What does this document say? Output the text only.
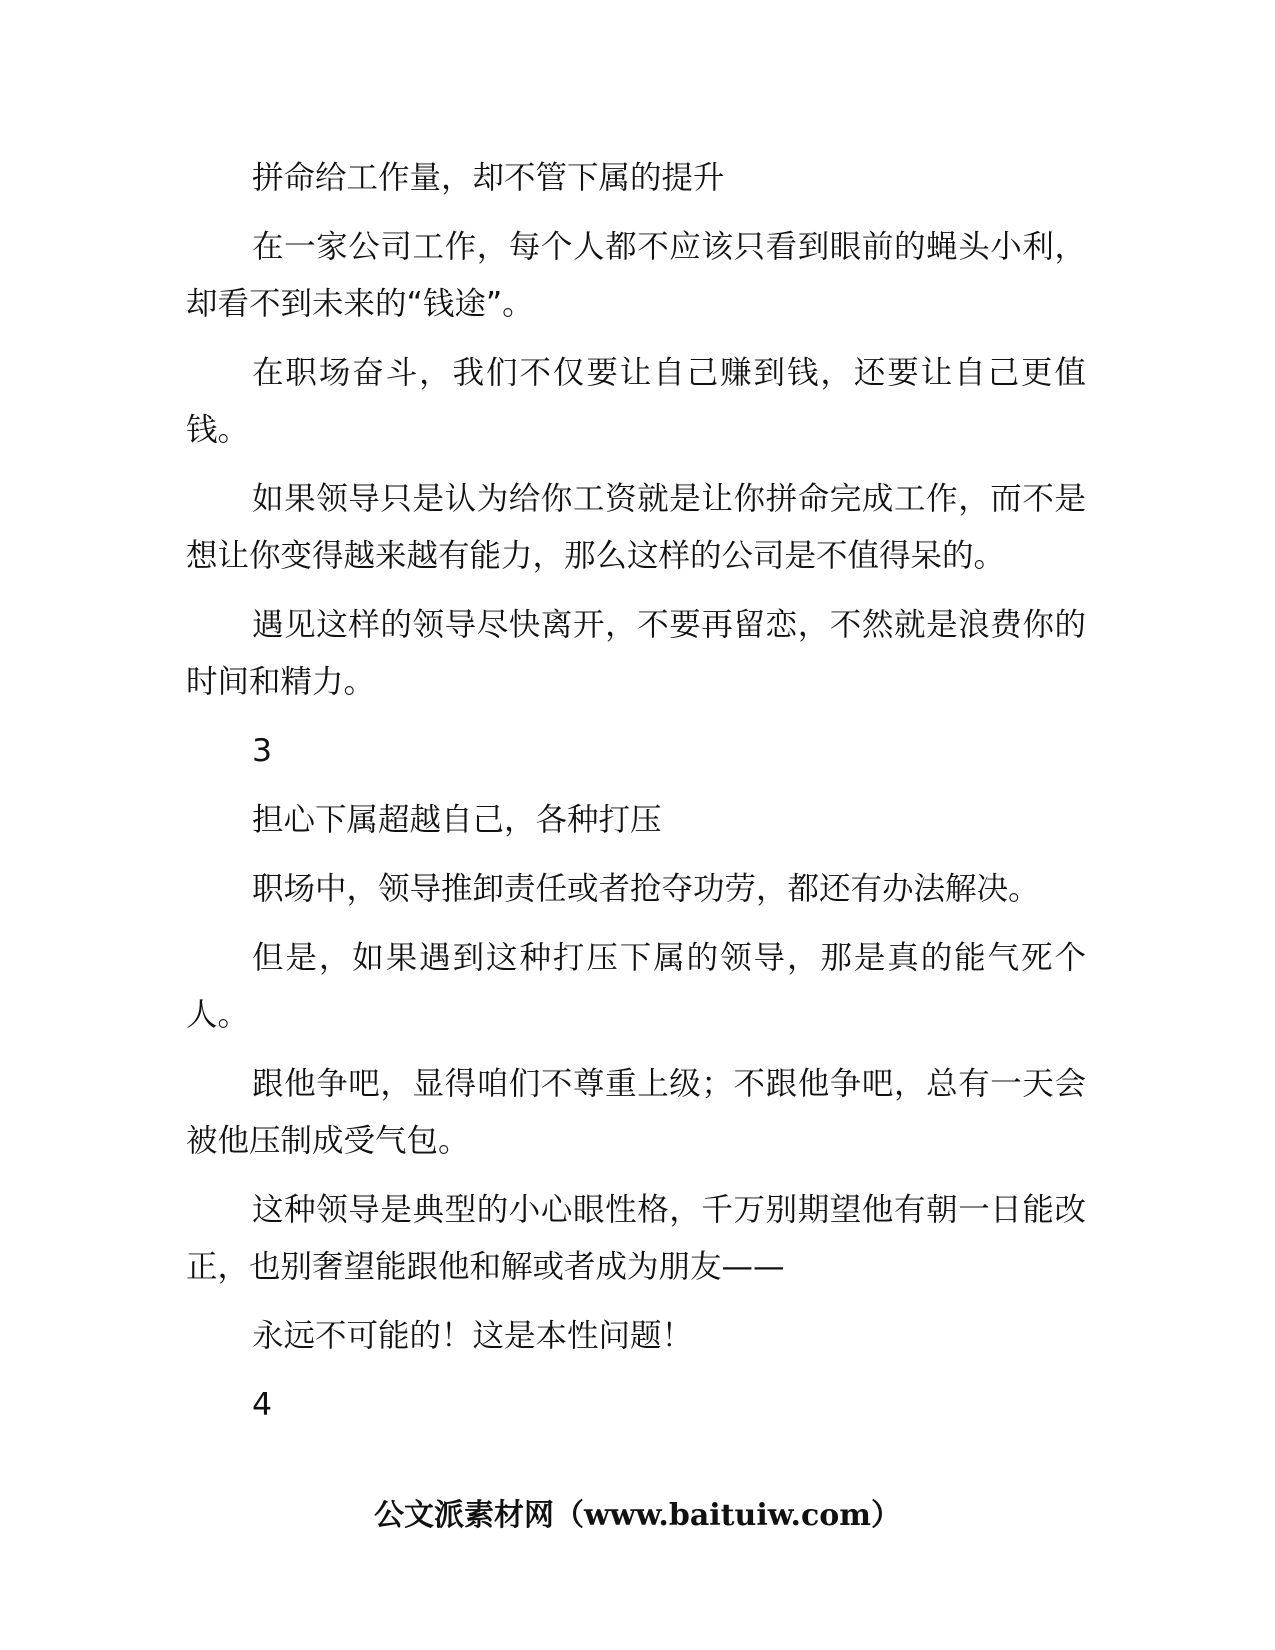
拼命给工作量，却不管下属的提升

在一家公司工作，每个人都不应该只看到眼前的蝇头小利，却看不到未来的“钱途”。

在职场奋斗，我们不仅要让自己赚到钱，还要让自己更值钱。

如果领导只是认为给你工资就是让你拼命完成工作，而不是想让你变得越来越有能力，那么这样的公司是不值得呆的。

遇见这样的领导尽快离开，不要再留恋，不然就是浪费你的时间和精力。

3

担心下属超越自己，各种打压

职场中，领导推卸责任或者抢夺功劳，都还有办法解决。

但是，如果遇到这种打压下属的领导，那是真的能气死个人。

跟他争吧，显得咱们不尊重上级；不跟他争吧，总有一天会被他压制成受气包。

这种领导是典型的小心眼性格，千万别期望他有朝一日能改正，也别奢望能跟他和解或者成为朋友——

永远不可能的！这是本性问题！

4

公文派素材网（www.baituiw.com）
